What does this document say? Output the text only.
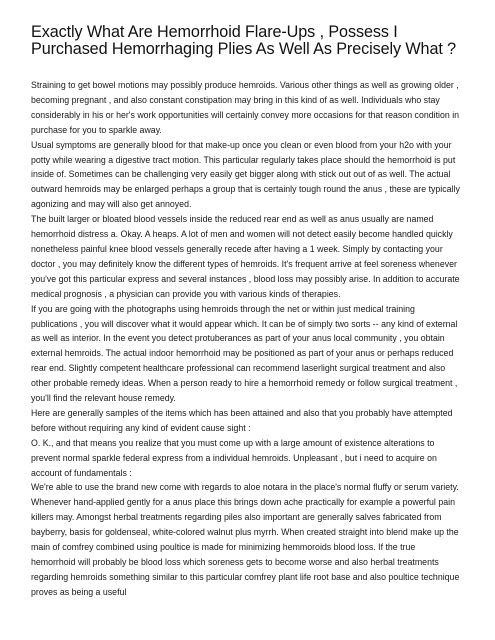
Exactly What Are Hemorrhoid Flare-Ups , Possess I Purchased Hemorrhaging Plies As Well As Precisely What ?

Straining to get bowel motions may possibly produce hemroids. Various other things as well as growing older , becoming pregnant , and also constant constipation may bring in this kind of as well. Individuals who stay considerably in his or her's work opportunities will certainly convey more occasions for that reason condition in purchase for you to sparkle away.

Usual symptoms are generally blood for that make-up once you clean or even blood from your h2o with your potty while wearing a digestive tract motion. This particular regularly takes place should the hemorrhoid is put inside of. Sometimes can be challenging very easily get bigger along with stick out out of as well. The actual outward hemroids may be enlarged perhaps a group that is certainly tough round the anus , these are typically agonizing and may will also get annoyed.

The built larger or bloated blood vessels inside the reduced rear end as well as anus usually are named hemorrhoid distress a. Okay. A heaps. A lot of men and women will not detect easily become handled quickly nonetheless painful knee blood vessels generally recede after having a 1 week. Simply by contacting your doctor , you may definitely know the different types of hemroids. It's frequent arrive at feel soreness whenever you've got this particular express and several instances , blood loss may possibly arise. In addition to accurate medical prognosis , a physician can provide you with various kinds of therapies.

If you are going with the photographs using hemroids through the net or within just medical training publications , you will discover what it would appear which. It can be of simply two sorts -- any kind of external as well as interior. In the event you detect protuberances as part of your anus local community , you obtain external hemroids. The actual indoor hemorrhoid may be positioned as part of your anus or perhaps reduced rear end. Slightly competent healthcare professional can recommend laserlight surgical treatment and also other probable remedy ideas. When a person ready to hire a hemorrhoid remedy or follow surgical treatment , you'll find the relevant house remedy.

Here are generally samples of the items which has been attained and also that you probably have attempted before without requiring any kind of evident cause sight :

O. K., and that means you realize that you must come up with a large amount of existence alterations to prevent normal sparkle federal express from a individual hemroids. Unpleasant , but i need to acquire on account of fundamentals :

We're able to use the brand new come with regards to aloe notara in the place's normal fluffy or serum variety. Whenever hand-applied gently for a anus place this brings down ache practically for example a powerful pain killers may. Amongst herbal treatments regarding piles also important are generally salves fabricated from bayberry, basis for goldenseal, white-colored walnut plus myrrh. When created straight into blend make up the main of comfrey combined using poultice is made for minimizing hemmoroids blood loss. If the true hemorrhoid will probably be blood loss which soreness gets to become worse and also herbal treatments regarding hemroids something similar to this particular comfrey plant life root base and also poultice technique proves as being a useful
